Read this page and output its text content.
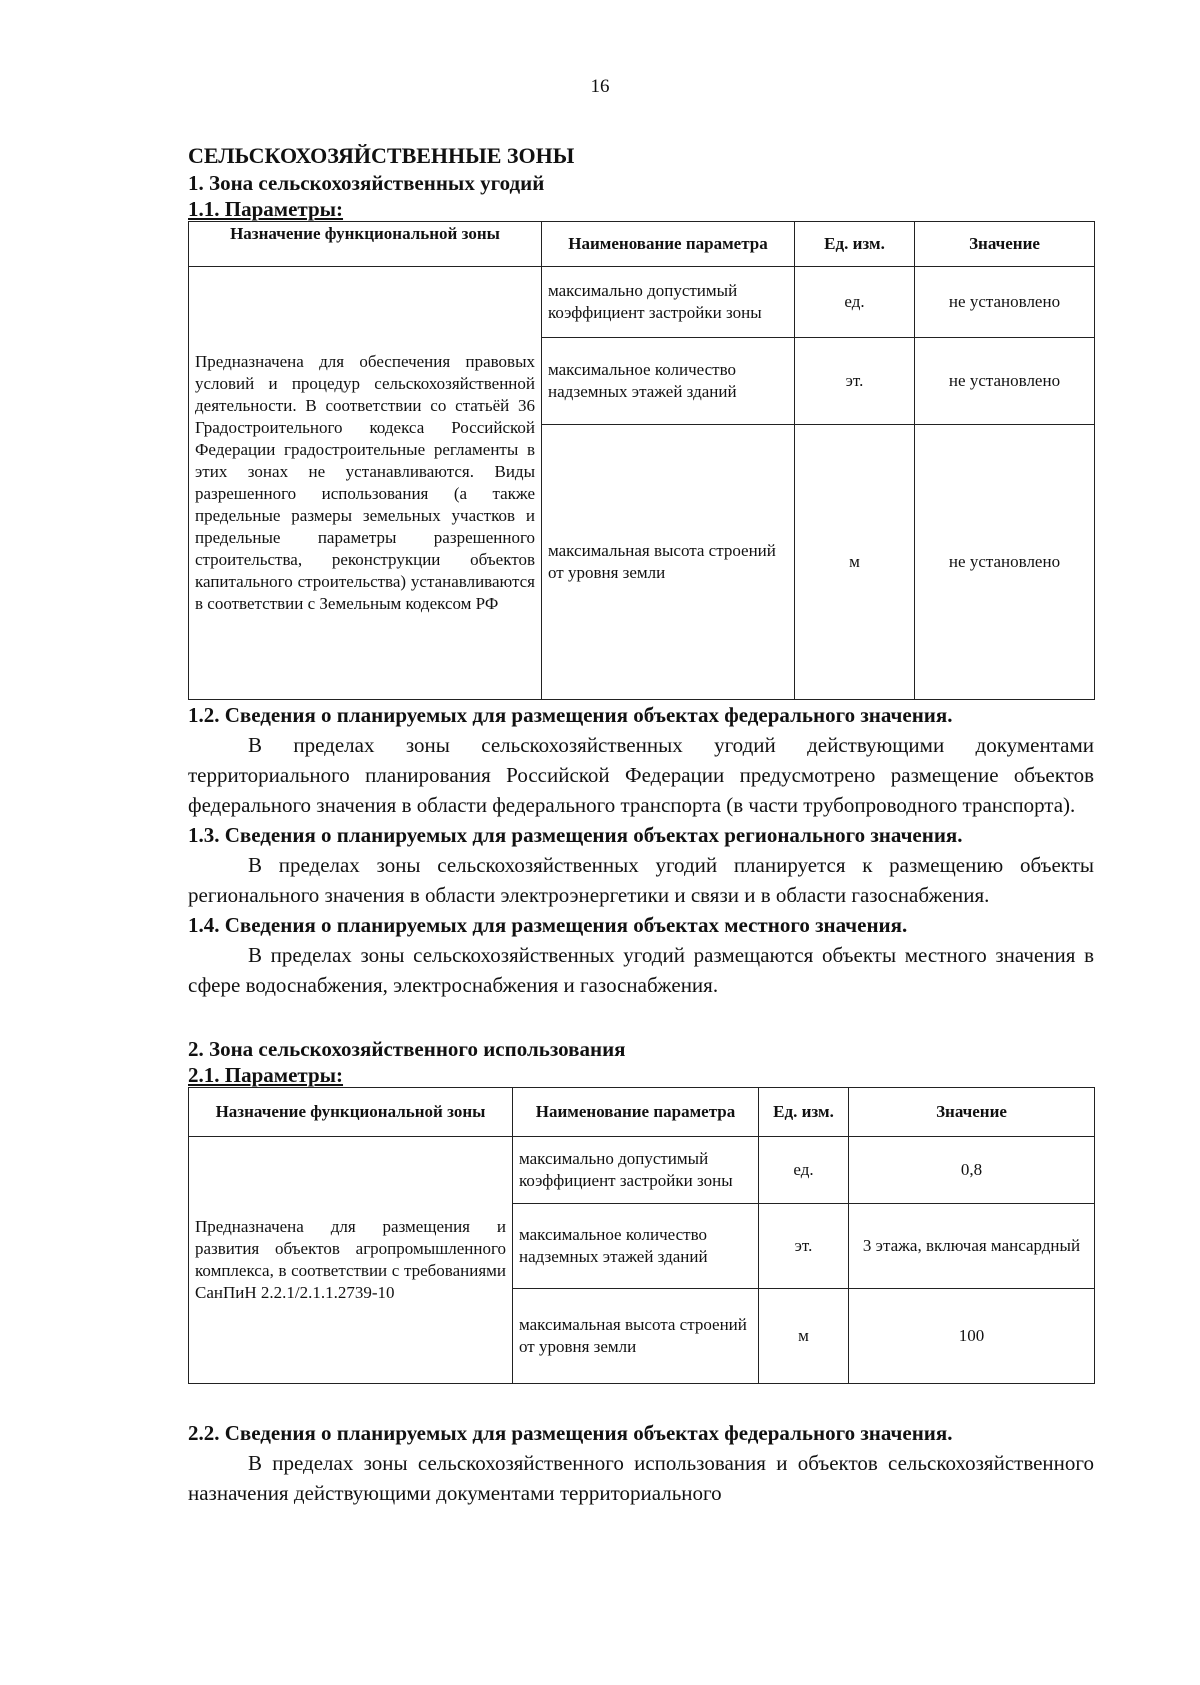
16
СЕЛЬСКОХОЗЯЙСТВЕННЫЕ ЗОНЫ
1. Зона сельскохозяйственных угодий
1.1. Параметры:
Назначение функциональной зоны	Наименование параметра	Ед. изм.	Значение
Предназначена для обеспечения правовых условий и процедур сельскохозяйственной деятельности. В соответствии со статьёй 36 Градостроительного кодекса Российской Федерации градостроительные регламенты в этих зонах не устанавливаются. Виды разрешенного использования (а также предельные размеры земельных участков и предельные параметры разрешенного строительства, реконструкции объектов капитального строительства) устанавливаются в соответствии с Земельным кодексом РФ	максимально допустимый коэффициент застройки зоны	ед.	не установлено
	максимальное количество надземных этажей зданий	эт.	не установлено
	максимальная высота строений от уровня земли	м	не установлено
1.2. Сведения о планируемых для размещения объектах федерального значения.

В пределах зоны сельскохозяйственных угодий действующими документами территориального планирования Российской Федерации предусмотрено размещение объектов федерального значения в области федерального транспорта (в части трубопроводного транспорта).

1.3. Сведения о планируемых для размещения объектах регионального значения.

В пределах зоны сельскохозяйственных угодий планируется к размещению объекты регионального значения в области электроэнергетики и связи и в области газоснабжения.

1.4. Сведения о планируемых для размещения объектах местного значения.

В пределах зоны сельскохозяйственных угодий размещаются объекты местного значения в сфере водоснабжения, электроснабжения и газоснабжения.

2. Зона сельскохозяйственного использования
2.1. Параметры:
Назначение функциональной зоны	Наименование параметра	Ед. изм.	Значение
Предназначена для размещения и развития объектов агропромышленного комплекса, в соответствии с требованиями СанПиН 2.2.1/2.1.1.2739-10	максимально допустимый коэффициент застройки зоны	ед.	0,8
	максимальное количество надземных этажей зданий	эт.	3 этажа, включая мансардный
	максимальная высота строений от уровня земли	м	100
2.2. Сведения о планируемых для размещения объектах федерального значения.

В пределах зоны сельскохозяйственного использования и объектов сельскохозяйственного назначения действующими документами территориального
